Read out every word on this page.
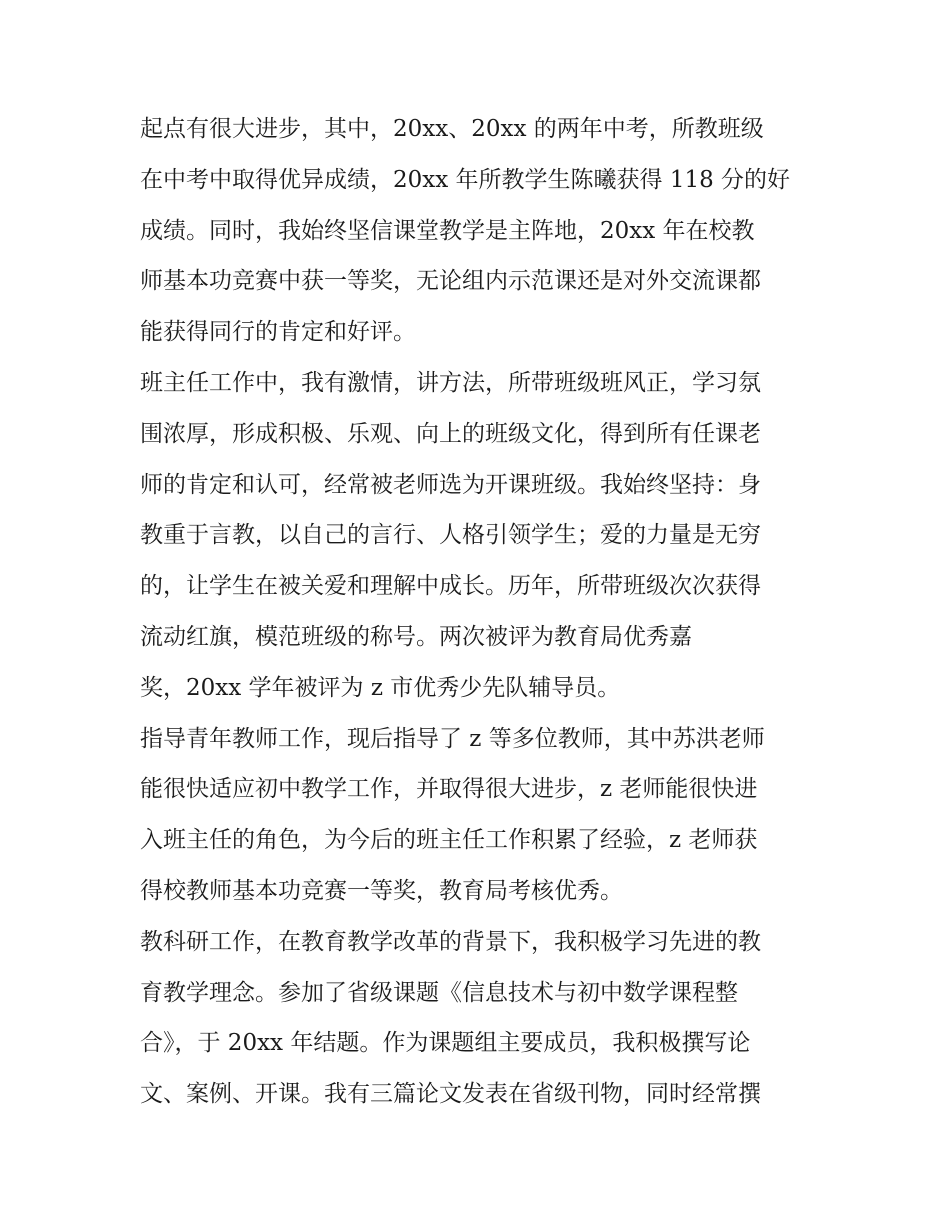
起点有很大进步，其中，20xx、20xx 的两年中考，所教班级
在中考中取得优异成绩，20xx 年所教学生陈曦获得 118 分的好
成绩。同时，我始终坚信课堂教学是主阵地，20xx 年在校教
师基本功竞赛中获一等奖，无论组内示范课还是对外交流课都
能获得同行的肯定和好评。
班主任工作中，我有激情，讲方法，所带班级班风正，学习氛
围浓厚，形成积极、乐观、向上的班级文化，得到所有任课老
师的肯定和认可，经常被老师选为开课班级。我始终坚持：身
教重于言教，以自己的言行、人格引领学生；爱的力量是无穷
的，让学生在被关爱和理解中成长。历年，所带班级次次获得
流动红旗，模范班级的称号。两次被评为教育局优秀嘉
奖，20xx 学年被评为 z 市优秀少先队辅导员。
指导青年教师工作，现后指导了 z 等多位教师，其中苏洪老师
能很快适应初中教学工作，并取得很大进步，z 老师能很快进
入班主任的角色，为今后的班主任工作积累了经验，z 老师获
得校教师基本功竞赛一等奖，教育局考核优秀。
教科研工作，在教育教学改革的背景下，我积极学习先进的教
育教学理念。参加了省级课题《信息技术与初中数学课程整
合》，于 20xx 年结题。作为课题组主要成员，我积极撰写论
文、案例、开课。我有三篇论文发表在省级刊物，同时经常撰
